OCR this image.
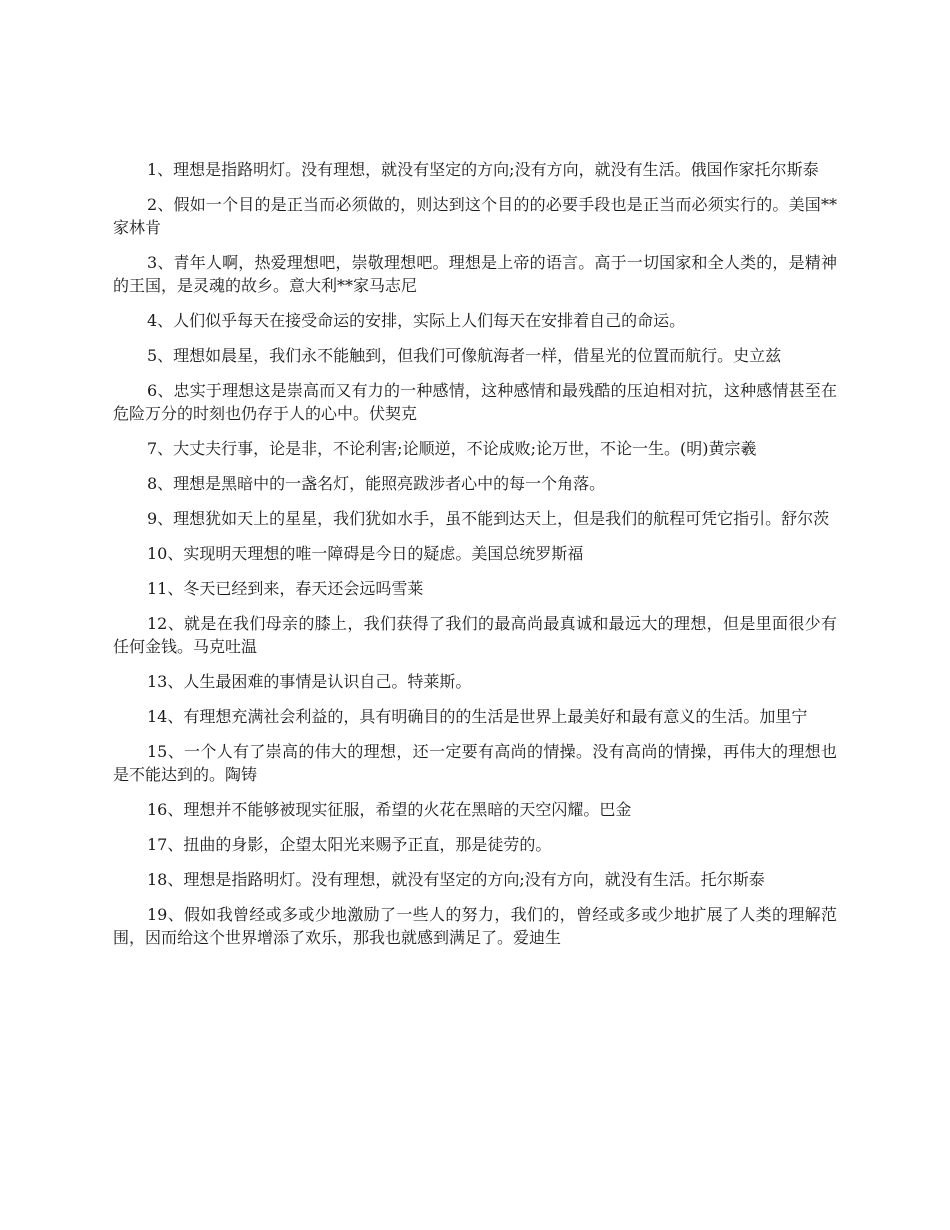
1、理想是指路明灯。没有理想，就没有坚定的方向;没有方向，就没有生活。俄国作家托尔斯泰

2、假如一个目的是正当而必须做的，则达到这个目的的必要手段也是正当而必须实行的。美国**家林肯

3、青年人啊，热爱理想吧，崇敬理想吧。理想是上帝的语言。高于一切国家和全人类的，是精神的王国，是灵魂的故乡。意大利**家马志尼

4、人们似乎每天在接受命运的安排，实际上人们每天在安排着自己的命运。

5、理想如晨星，我们永不能触到，但我们可像航海者一样，借星光的位置而航行。史立兹

6、忠实于理想这是崇高而又有力的一种感情，这种感情和最残酷的压迫相对抗，这种感情甚至在危险万分的时刻也仍存于人的心中。伏契克

7、大丈夫行事，论是非，不论利害;论顺逆，不论成败;论万世，不论一生。(明)黄宗羲

8、理想是黑暗中的一盏名灯，能照亮跋涉者心中的每一个角落。

9、理想犹如天上的星星，我们犹如水手，虽不能到达天上，但是我们的航程可凭它指引。舒尔茨

10、实现明天理想的唯一障碍是今日的疑虑。美国总统罗斯福

11、冬天已经到来，春天还会远吗雪莱

12、就是在我们母亲的膝上，我们获得了我们的最高尚最真诚和最远大的理想，但是里面很少有任何金钱。马克吐温

13、人生最困难的事情是认识自己。特莱斯。

14、有理想充满社会利益的，具有明确目的的生活是世界上最美好和最有意义的生活。加里宁

15、一个人有了崇高的伟大的理想，还一定要有高尚的情操。没有高尚的情操，再伟大的理想也是不能达到的。陶铸

16、理想并不能够被现实征服，希望的火花在黑暗的天空闪耀。巴金

17、扭曲的身影，企望太阳光来赐予正直，那是徒劳的。

18、理想是指路明灯。没有理想，就没有坚定的方向;没有方向，就没有生活。托尔斯泰

19、假如我曾经或多或少地激励了一些人的努力，我们的，曾经或多或少地扩展了人类的理解范围，因而给这个世界增添了欢乐，那我也就感到满足了。爱迪生
